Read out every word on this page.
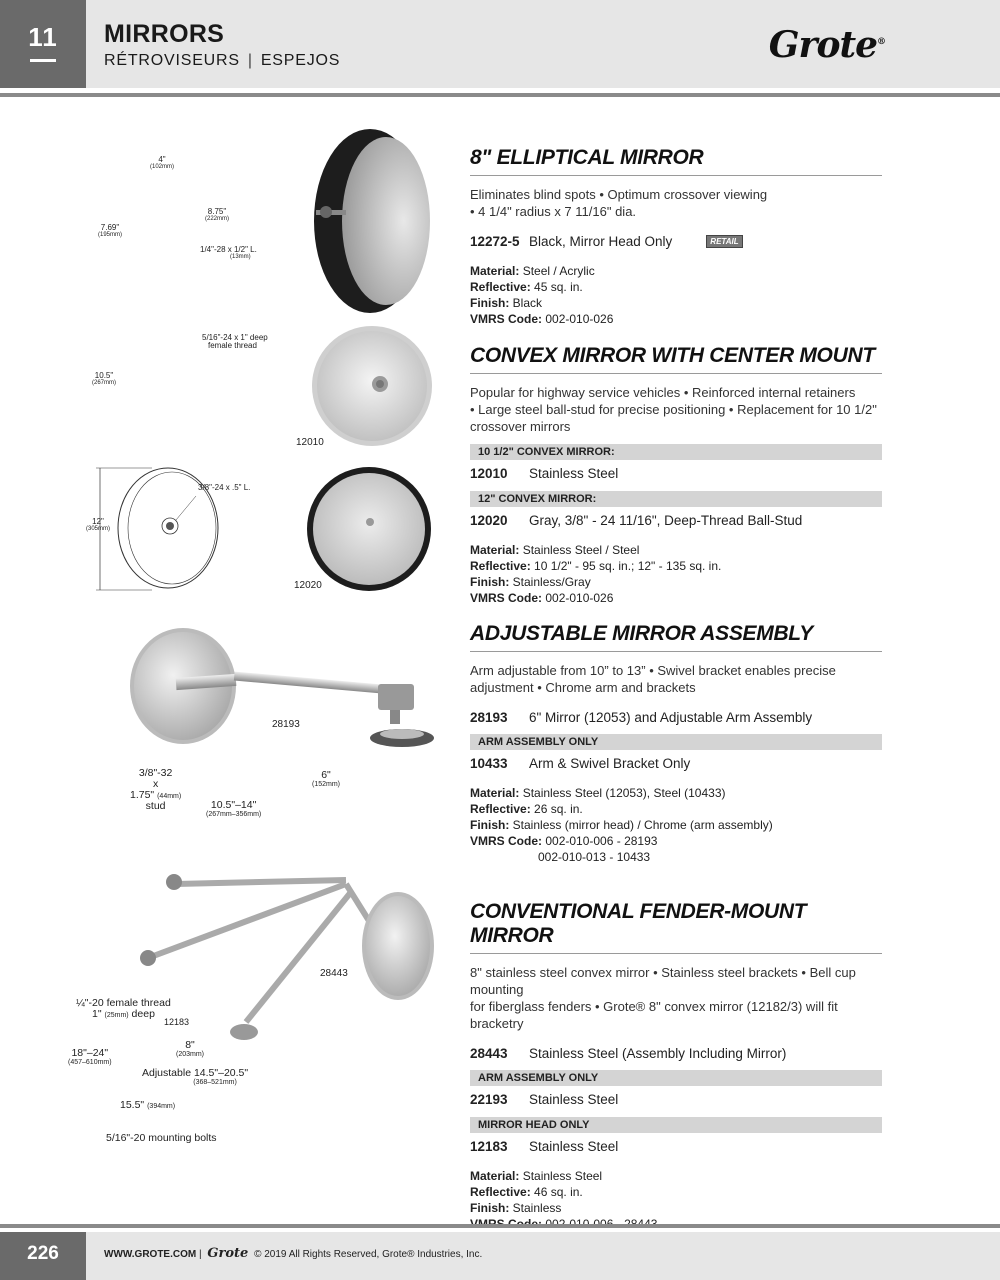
11	MIRRORS
RÉTROVISEURS | ESPEJOS	Grote®
4"
(102mm)
8.75"
(222mm)
7.69"
(195mm)
1/4"-28 x 1/2" L.
(13mm)
5/16"-24 x 1" deep
female thread
10.5"
(267mm)
12010
3/8"-24 x .5" L.
12"
(305mm)
12020
28193
3/8"-32
x
1.75" (44mm)
stud	10.5"–14"
(267mm–356mm)
6"
(152mm)
28443
¼"-20 female thread
1" (25mm) deep
12183
8"
(203mm)
18"–24"
(457–610mm)
Adjustable 14.5"–20.5"
(368–521mm)
15.5" (394mm)
5/16"-20 mounting bolts
8" ELLIPTICAL MIRROR
Eliminates blind spots • Optimum crossover viewing
• 4 1/4" radius x 7 11/16" dia.
12272-5 Black, Mirror Head Only	RETAIL
Material: Steel / Acrylic
Reflective: 45 sq. in.
Finish: Black
VMRS Code: 002-010-026
CONVEX MIRROR WITH CENTER MOUNT
Popular for highway service vehicles • Reinforced internal retainers
• Large steel ball-stud for precise positioning • Replacement for 10 1/2"
crossover mirrors
10 1/2" CONVEX MIRROR:
12010	Stainless Steel
12" CONVEX MIRROR:
12020	Gray, 3/8" - 24 11/16", Deep-Thread Ball-Stud
Material: Stainless Steel / Steel
Reflective: 10 1/2" - 95 sq. in.; 12" - 135 sq. in.
Finish: Stainless/Gray
VMRS Code: 002-010-026
ADJUSTABLE MIRROR ASSEMBLY
Arm adjustable from 10” to 13” • Swivel bracket enables precise
adjustment • Chrome arm and brackets
28193	6" Mirror (12053) and Adjustable Arm Assembly
ARM ASSEMBLY ONLY
10433	Arm & Swivel Bracket Only
Material: Stainless Steel (12053), Steel (10433)
Reflective: 26 sq. in.
Finish: Stainless (mirror head) / Chrome (arm assembly)
VMRS Code: 002-010-006 - 28193
002-010-013 - 10433
CONVENTIONAL FENDER-MOUNT MIRROR
8" stainless steel convex mirror • Stainless steel brackets • Bell cup mounting
for fiberglass fenders • Grote® 8" convex mirror (12182/3) will fit bracketry
28443	Stainless Steel (Assembly Including Mirror)
ARM ASSEMBLY ONLY
22193	Stainless Steel
MIRROR HEAD ONLY
12183	Stainless Steel
Material: Stainless Steel
Reflective: 46 sq. in.
Finish: Stainless
226	WWW.GROTE.COM | Grote © 2019 All Rights Reserved, Grote® Industries, Inc.
